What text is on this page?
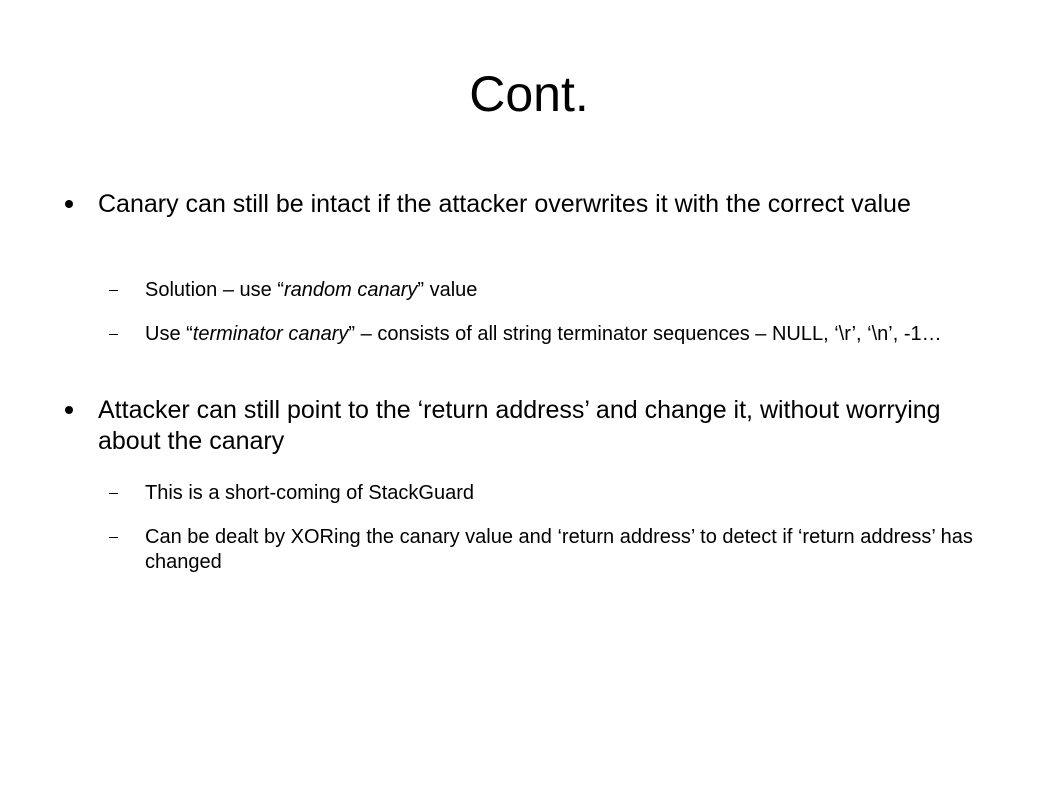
Cont.
Canary can still be intact if the attacker overwrites it with the correct value
Solution – use “random canary” value
Use “terminator canary” – consists of all string terminator sequences – NULL, ‘\r’, ‘\n’, -1…
Attacker can still point to the ‘return address’ and change it, without worrying about the canary
This is a short-coming of StackGuard
Can be dealt by XORing the canary value and ‘return address’ to detect if ‘return address’ has changed
